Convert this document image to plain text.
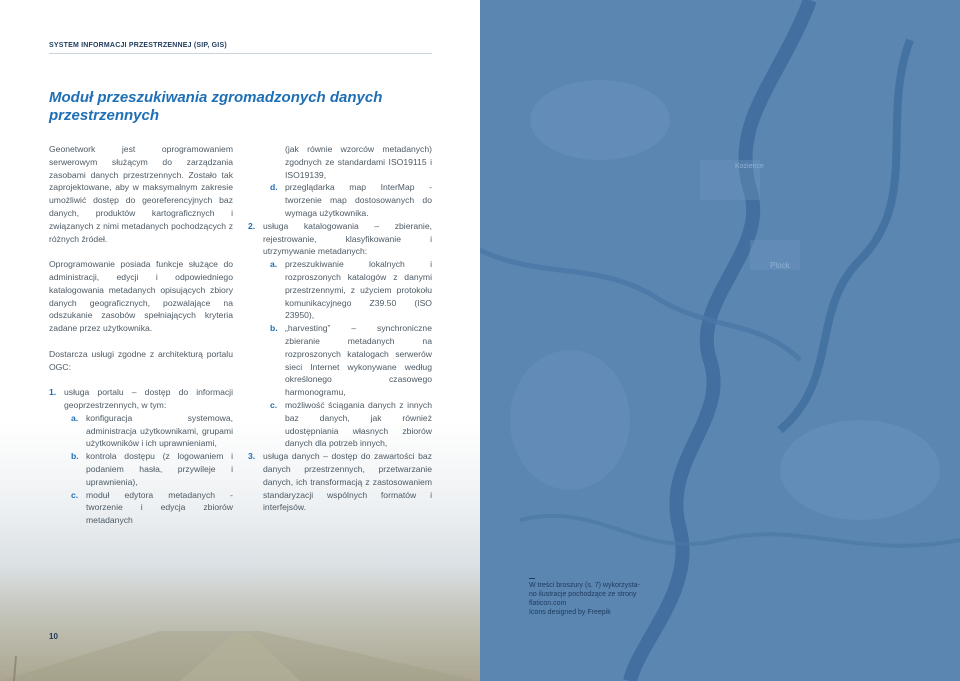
Kozience
Plock
SYSTEM INFORMACJI PRZESTRZENNEJ (SIP, GIS)
Moduł przeszukiwania zgromadzonych danych przestrzennych

Geonetwork jest oprogramowaniem serwerowym służącym do zarządzania zasobami danych przestrzennych. Zostało tak zaprojektowane, aby w maksymalnym zakresie umożliwić dostęp do georeferencyjnych baz danych, produktów kartograficznych i związanych z nimi metadanych pochodzących z różnych źródeł.

Oprogramowanie posiada funkcje służące do administracji, edycji i odpowiedniego katalogowania metadanych opisujących zbiory danych geograficznych, pozwalające na odszukanie zasobów spełniających kryteria zadane przez użytkownika.

Dostarcza usługi zgodne z architekturą portalu OGC:

1. usługa portalu – dostęp do informacji geoprzestrzennych, w tym:
a. konfiguracja systemowa, administracja użytkownikami, grupami użytkowników i ich uprawnieniami,
b. kontrola dostępu (z logowaniem i podaniem hasła, przywileje i uprawnienia),
c. moduł edytora metadanych - tworzenie i edycja zbiorów metadanych
(jak równie wzorców metadanych) zgodnych ze standardami ISO19115 i ISO19139,
d. przeglądarka map InterMap - tworzenie map dostosowanych do wymaga użytkownika.
2. usługa katalogowania – zbieranie, rejestrowanie, klasyfikowanie i utrzymywanie metadanych:
a. przeszukiwanie lokalnych i rozproszonych katalogów z danymi przestrzennymi, z użyciem protokołu komunikacyjnego Z39.50 (ISO 23950),
b. „harvesting” – synchroniczne zbieranie metadanych na rozproszonych katalogach serwerów sieci Internet wykonywane według określonego czasowego harmonogramu,
c. możliwość ściągania danych z innych baz danych, jak również udostępniania własnych zbiorów danych dla potrzeb innych,
3. usługa danych – dostęp do zawartości baz danych przestrzennych, przetwarzanie danych, ich transformacją z zastosowaniem standaryzacji wspólnych formatów i interfejsów.
10
W treści broszury (s. 7) wykorzysta-
no ilustracje pochodzące ze strony
flaticon.com
Icons designed by Freepik
